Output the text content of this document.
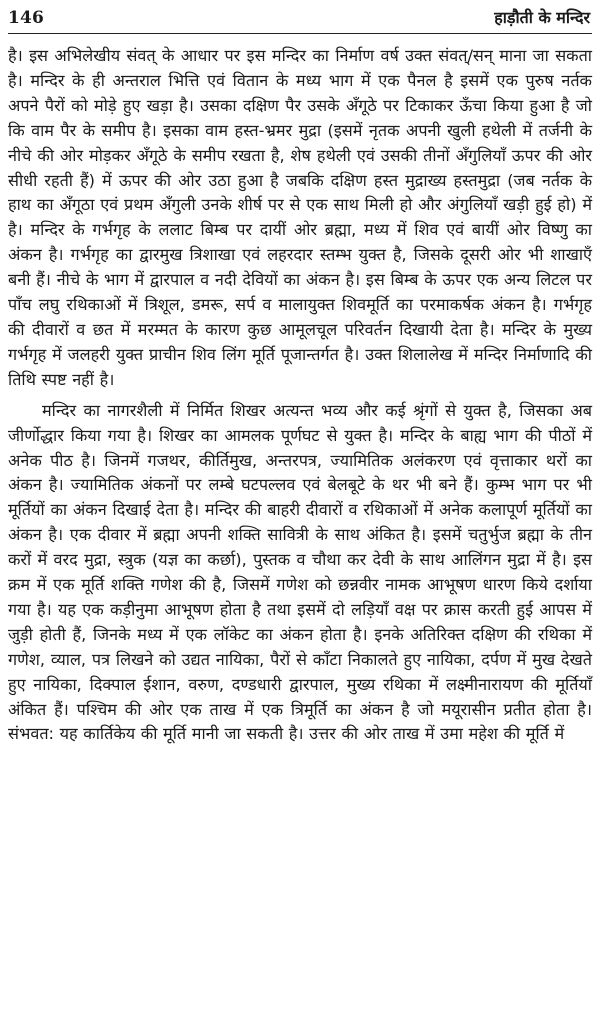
146	हाड़ौती के मन्दिर

है। इस अभिलेखीय संवत् के आधार पर इस मन्दिर का निर्माण वर्ष उक्त संवत्/सन् माना जा सकता है। मन्दिर के ही अन्तराल भित्ति एवं वितान के मध्य भाग में एक पैनल है इसमें एक पुरुष नर्तक अपने पैरों को मोड़े हुए खड़ा है। उसका दक्षिण पैर उसके अँगूठे पर टिकाकर ऊँचा किया हुआ है जो कि वाम पैर के समीप है। इसका वाम हस्त-भ्रमर मुद्रा (इसमें नृतक अपनी खुली हथेली में तर्जनी के नीचे की ओर मोड़कर अँगूठे के समीप रखता है, शेष हथेली एवं उसकी तीनों अँगुलियाँ ऊपर की ओर सीधी रहती हैं) में ऊपर की ओर उठा हुआ है जबकि दक्षिण हस्त मुद्राख्य हस्तमुद्रा (जब नर्तक के हाथ का अँगूठा एवं प्रथम अँगुली उनके शीर्ष पर से एक साथ मिली हो और अंगुलियाँ खड़ी हुई हो) में है। मन्दिर के गर्भगृह के ललाट बिम्ब पर दायीं ओर ब्रह्मा, मध्य में शिव एवं बायीं ओर विष्णु का अंकन है। गर्भगृह का द्वारमुख त्रिशाखा एवं लहरदार स्तम्भ युक्त है, जिसके दूसरी ओर भी शाखाएँ बनी हैं। नीचे के भाग में द्वारपाल व नदी देवियों का अंकन है। इस बिम्ब के ऊपर एक अन्य लिटल पर पाँच लघु रथिकाओं में त्रिशूल, डमरू, सर्प व मालायुक्त शिवमूर्ति का परमाकर्षक अंकन है। गर्भगृह की दीवारों व छत में मरम्मत के कारण कुछ आमूलचूल परिवर्तन दिखायी देता है। मन्दिर के मुख्य गर्भगृह में जलहरी युक्त प्राचीन शिव लिंग मूर्ति पूजान्तर्गत है। उक्त शिलालेख में मन्दिर निर्माणादि की तिथि स्पष्ट नहीं है।

मन्दिर का नागरशैली में निर्मित शिखर अत्यन्त भव्य और कई श्रृंगों से युक्त है, जिसका अब जीर्णोद्धार किया गया है। शिखर का आमलक पूर्णघट से युक्त है। मन्दिर के बाह्य भाग की पीठों में अनेक पीठ है। जिनमें गजथर, कीर्तिमुख, अन्तरपत्र, ज्यामितिक अलंकरण एवं वृत्ताकार थरों का अंकन है। ज्यामितिक अंकनों पर लम्बे घटपल्लव एवं बेलबूटे के थर भी बने हैं। कुम्भ भाग पर भी मूर्तियों का अंकन दिखाई देता है। मन्दिर की बाहरी दीवारों व रथिकाओं में अनेक कलापूर्ण मूर्तियों का अंकन है। एक दीवार में ब्रह्मा अपनी शक्ति सावित्री के साथ अंकित है। इसमें चतुर्भुज ब्रह्मा के तीन करों में वरद मुद्रा, स्त्रुक (यज्ञ का कर्छा), पुस्तक व चौथा कर देवी के साथ आलिंगन मुद्रा में है। इस क्रम में एक मूर्ति शक्ति गणेश की है, जिसमें गणेश को छन्नवीर नामक आभूषण धारण किये दर्शाया गया है। यह एक कड़ीनुमा आभूषण होता है तथा इसमें दो लड़ियाँ वक्ष पर क्रास करती हुई आपस में जुड़ी होती हैं, जिनके मध्य में एक लॉकेट का अंकन होता है। इनके अतिरिक्त दक्षिण की रथिका में गणेश, व्याल, पत्र लिखने को उद्यत नायिका, पैरों से काँटा निकालते हुए नायिका, दर्पण में मुख देखते हुए नायिका, दिक्पाल ईशान, वरुण, दण्डधारी द्वारपाल, मुख्य रथिका में लक्ष्मीनारायण की मूर्तियाँ अंकित हैं। पश्चिम की ओर एक ताख में एक त्रिमूर्ति का अंकन है जो मयूरासीन प्रतीत होता है। संभवत: यह कार्तिकेय की मूर्ति मानी जा सकती है। उत्तर की ओर ताख में उमा महेश की मूर्ति में
